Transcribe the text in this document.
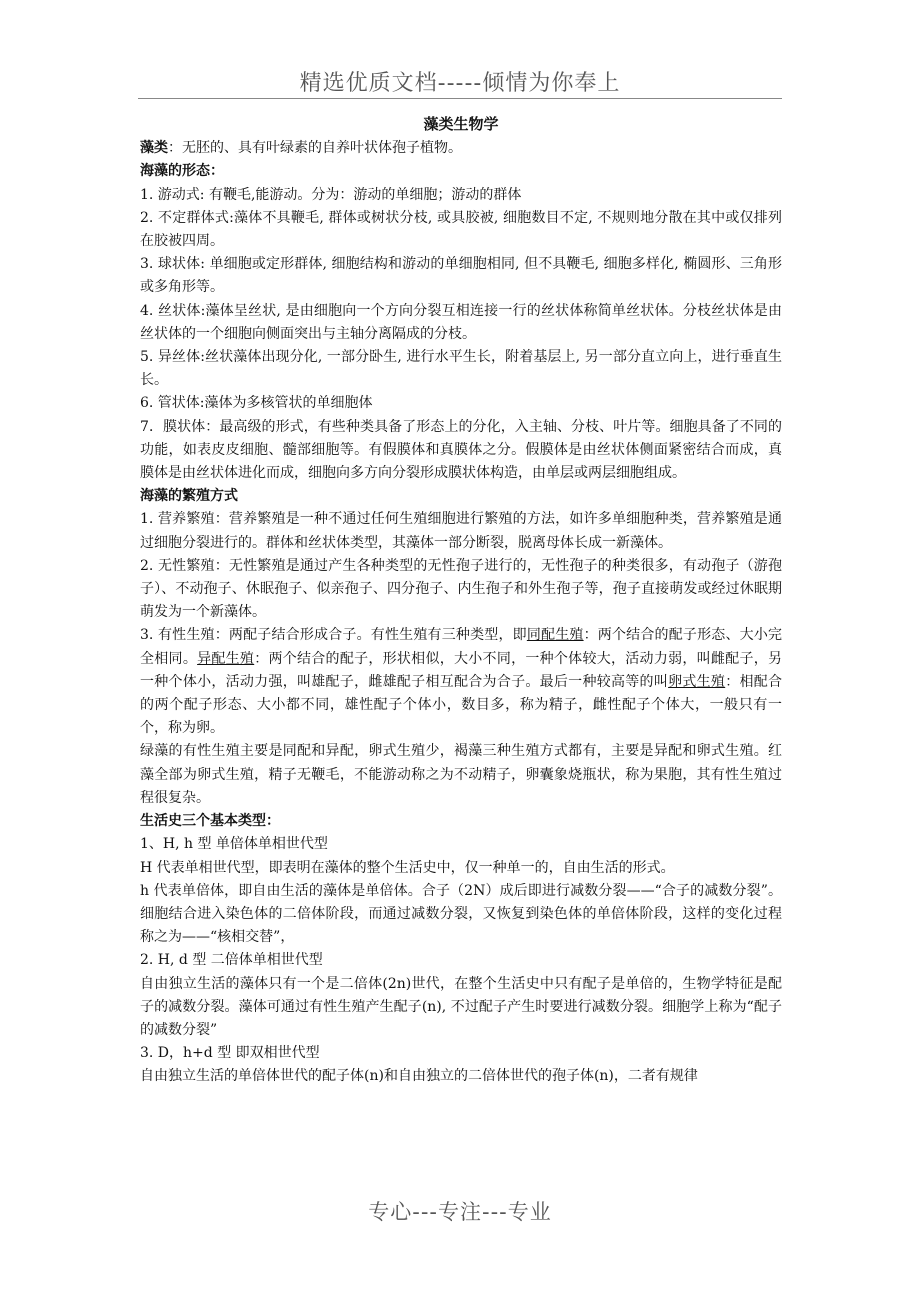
精选优质文档-----倾情为你奉上
藻类生物学

藻类：无胚的、具有叶绿素的自养叶状体孢子植物。

海藻的形态：

1. 游动式: 有鞭毛,能游动。分为：游动的单细胞；游动的群体

2. 不定群体式:藻体不具鞭毛, 群体或树状分枝, 或具胶被, 细胞数目不定, 不规则地分散在其中或仅排列在胶被四周。

3. 球状体: 单细胞或定形群体, 细胞结构和游动的单细胞相同, 但不具鞭毛, 细胞多样化, 椭圆形、三角形或多角形等。

4. 丝状体:藻体呈丝状, 是由细胞向一个方向分裂互相连接一行的丝状体称简单丝状体。分枝丝状体是由丝状体的一个细胞向侧面突出与主轴分离隔成的分枝。

5. 异丝体:丝状藻体出现分化, 一部分卧生, 进行水平生长，附着基层上, 另一部分直立向上，进行垂直生长。

6. 管状体:藻体为多核管状的单细胞体

7．膜状体：最高级的形式，有些种类具备了形态上的分化，入主轴、分枝、叶片等。细胞具备了不同的功能，如表皮皮细胞、髓部细胞等。有假膜体和真膜体之分。假膜体是由丝状体侧面紧密结合而成，真膜体是由丝状体进化而成，细胞向多方向分裂形成膜状体构造，由单层或两层细胞组成。

海藻的繁殖方式

1. 营养繁殖：营养繁殖是一种不通过任何生殖细胞进行繁殖的方法，如许多单细胞种类，营养繁殖是通过细胞分裂进行的。群体和丝状体类型，其藻体一部分断裂，脱离母体长成一新藻体。

2. 无性繁殖：无性繁殖是通过产生各种类型的无性孢子进行的，无性孢子的种类很多，有动孢子（游孢子）、不动孢子、休眠孢子、似亲孢子、四分孢子、内生孢子和外生孢子等，孢子直接萌发或经过休眠期萌发为一个新藻体。

3. 有性生殖：两配子结合形成合子。有性生殖有三种类型，即同配生殖：两个结合的配子形态、大小完全相同。异配生殖：两个结合的配子，形状相似，大小不同，一种个体较大，活动力弱，叫雌配子，另一种个体小，活动力强，叫雄配子，雌雄配子相互配合为合子。最后一种较高等的叫卵式生殖：相配合的两个配子形态、大小都不同，雄性配子个体小，数目多，称为精子，雌性配子个体大，一般只有一个，称为卵。

绿藻的有性生殖主要是同配和异配，卵式生殖少，褐藻三种生殖方式都有，主要是异配和卵式生殖。红藻全部为卵式生殖，精子无鞭毛，不能游动称之为不动精子，卵囊象烧瓶状，称为果胞，其有性生殖过程很复杂。

生活史三个基本类型：

1、H, h 型 单倍体单相世代型

H 代表单相世代型，即表明在藻体的整个生活史中，仅一种单一的，自由生活的形式。

h 代表单倍体，即自由生活的藻体是单倍体。合子（2N）成后即进行减数分裂——“合子的减数分裂”。细胞结合进入染色体的二倍体阶段，而通过减数分裂，又恢复到染色体的单倍体阶段，这样的变化过程称之为——“核相交替”，

2. H, d 型 二倍体单相世代型

自由独立生活的藻体只有一个是二倍体(2n)世代，在整个生活史中只有配子是单倍的，生物学特征是配子的减数分裂。藻体可通过有性生殖产生配子(n), 不过配子产生时要进行减数分裂。细胞学上称为“配子的减数分裂”

3. D，h+d 型 即双相世代型

自由独立生活的单倍体世代的配子体(n)和自由独立的二倍体世代的孢子体(n)，二者有规律

专心---专注---专业
